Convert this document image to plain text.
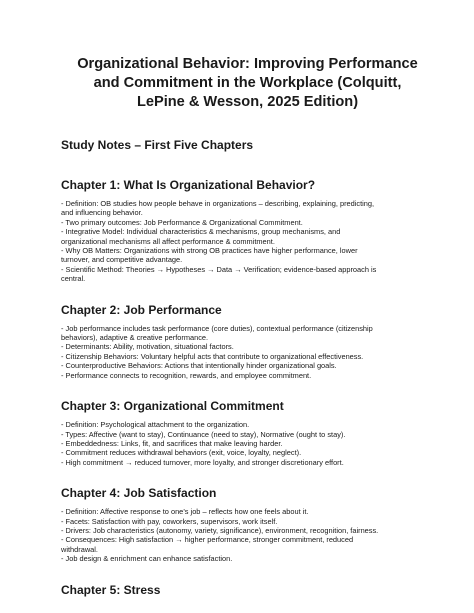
Organizational Behavior: Improving Performance
and Commitment in the Workplace (Colquitt,
LePine & Wesson, 2025 Edition)
Study Notes – First Five Chapters
Chapter 1: What Is Organizational Behavior?
- Definition: OB studies how people behave in organizations – describing, explaining, predicting,
and influencing behavior.
- Two primary outcomes: Job Performance & Organizational Commitment.
- Integrative Model: Individual characteristics & mechanisms, group mechanisms, and
organizational mechanisms all affect performance & commitment.
- Why OB Matters: Organizations with strong OB practices have higher performance, lower
turnover, and competitive advantage.
- Scientific Method: Theories → Hypotheses → Data → Verification; evidence-based approach is
central.
Chapter 2: Job Performance
- Job performance includes task performance (core duties), contextual performance (citizenship
behaviors), adaptive & creative performance.
- Determinants: Ability, motivation, situational factors.
- Citizenship Behaviors: Voluntary helpful acts that contribute to organizational effectiveness.
- Counterproductive Behaviors: Actions that intentionally hinder organizational goals.
- Performance connects to recognition, rewards, and employee commitment.
Chapter 3: Organizational Commitment
- Definition: Psychological attachment to the organization.
- Types: Affective (want to stay), Continuance (need to stay), Normative (ought to stay).
- Embeddedness: Links, fit, and sacrifices that make leaving harder.
- Commitment reduces withdrawal behaviors (exit, voice, loyalty, neglect).
- High commitment → reduced turnover, more loyalty, and stronger discretionary effort.
Chapter 4: Job Satisfaction
- Definition: Affective response to one’s job – reflects how one feels about it.
- Facets: Satisfaction with pay, coworkers, supervisors, work itself.
- Drivers: Job characteristics (autonomy, variety, significance), environment, recognition, fairness.
- Consequences: High satisfaction → higher performance, stronger commitment, reduced
withdrawal.
- Job design & enrichment can enhance satisfaction.
Chapter 5: Stress
